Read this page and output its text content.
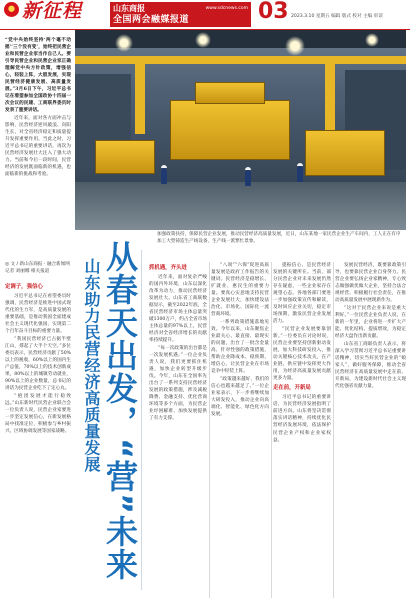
新征程	山东商报	www.sdcnews.com
全国两会融媒报道	03 2023.3.10 星期五 编辑 版式 校对 主编 审读

“党中央始终坚持‘两个毫不动摇’‘三个没有变’，始终把民营企业和民营企业家当作自己人。要引导民营企业和民营企业家正确理解党中央方针政策，增强信心，轻装上阵，大胆发展，实现民营经济健康发展、高质量发展。”3月6日下午，习近平总书记在看望参加全国政协十四届一次会议的民建、工商联界委员时发表了重要讲话。

近年来，面对各方面冲击与影响，民营经济逆风破浪、向阳生长，对全省经济稳定和质量提升发挥重要作用。当此之时，习近平总书记的重要讲话，再次为民营经济发展壮大注入了强大动力。当前和今后一段时间，民营经济的发展既面临新的机遇，也面临新的挑战和考验。

◎ 文 / 新山东商报 · 融合新闻网记者 刘丽娜 相关报道

定调子，强信心

习近平总书记在看望委员时强调，民营经济是推进中国式现代化的生力军，是高质量发展的重要基础，是推动我国全面建成社会主义现代化强国、实现第二个百年奋斗目标的重要力量。

“我国民营经济已占据半壁江山，撑起了大半个天空。”多位委员表示，民营经济贡献了50%以上的税收，60%以上的国内生产总值，70%以上的技术创新成果，80%以上的城镇劳动就业，90%以上的企业数量，总书记的讲话为民营企业吃下了定心丸。

“抱团发展才能行稳致远。”山东新时代民营企业联合会一位负责人说，民营企业家要进一步坚定发展信心，在新发展格局中找准定位，积极参与乡村振兴、区域协调发展等国家战略。

加强政策扶持，保障民营企业发展，推动民营经济高质量发展，近日，山东某地一家民营企业生产车间内，工人正在有序加工大型铸造生产线设备，生产线一派繁忙景象。
从春天出发，“营”未来
山东助力民营经济高质量发展	抓机遇，齐头进

近年来，面对复杂严峻的国内外环境，山东以深化改革为动力，推动民营经济发展壮大。山东省工商联数据显示，截至2022年底，全省民营经济市场主体总量突破1300万户，约占全省市场主体总量的97%以上，民营经济对全省经济增长的贡献率持续提升。

“每一次政策的出台都是一次发展机遇。”一位企业负责人说，我们更要抓住机遇，加快企业转型升级步伐。今年，山东在全国率先出台了一系列支持民营经济发展的政策措施，涉及减税降费、金融支持、优化营商环境等多个方面，为民营企业纾困解难、加快发展提供了有力支撑。

“八项”“六保”促进高质量发展是政府工作报告的关键词。民营经济是稳增长、扩就业、惠民生的重要力量。要真心实意地支持民营企业发展壮大，加快建设法治化、市场化、国际化一流营商环境。

一系列政策措施落地见效。今年以来，山东聚焦企业最关心、最直接、最现实的问题，出台了一批含金量高、针对性强的政策措施，帮助企业降成本、稳预期、增信心，让民营企业在市场竞争中轻装上阵。

“政策越来越好，我们的信心也越来越足了。”一位企业家表示，下一步将继续加大研发投入，推动企业向高端化、智能化、绿色化方向发展。

提振信心，是民营经济发展的关键所在。当前，部分民营企业对未来发展仍然存在疑虑，一些企业家存在观望心态。各地各部门要进一步加强政策宣传和解读，及时回应企业关切，稳定市场预期，激发民营企业发展活力。

“民营企业发展要靠创新。”一位委员在讨论时说，民营企业要坚持创新驱动发展，加大科技研发投入，推动关键核心技术攻关，在产业链、供应链中发挥更大作用，为经济高质量发展贡献更多力量。

走在前，开新局

习近平总书记的重要讲话，为民营经济发展指明了前进方向。山东将坚决贯彻落实讲话精神，持续优化民营经济发展环境，依法保护民营企业产权和企业家权益。

发展民营经济，既要靠政策引导，也要靠民营企业自身努力。民营企业要弘扬企业家精神，专心致志做强做优做大企业，坚持合法合规经营，积极履行社会责任，在推动高质量发展中展现新作为。

“这对于民营企业来说是重大利好。”一位民营企业负责人说，在新的一年里，企业将进一步扩大产能、优化结构、提质增效，为稳定经济大盘作出新贡献。

山东省工商联负责人表示，将深入学习贯彻习近平总书记重要讲话精神，切实当好民营企业的“娘家人”，做好服务保障，推动全省民营经济在高质量发展中走在前、开新局，为建设新时代社会主义现代化强省贡献力量。
